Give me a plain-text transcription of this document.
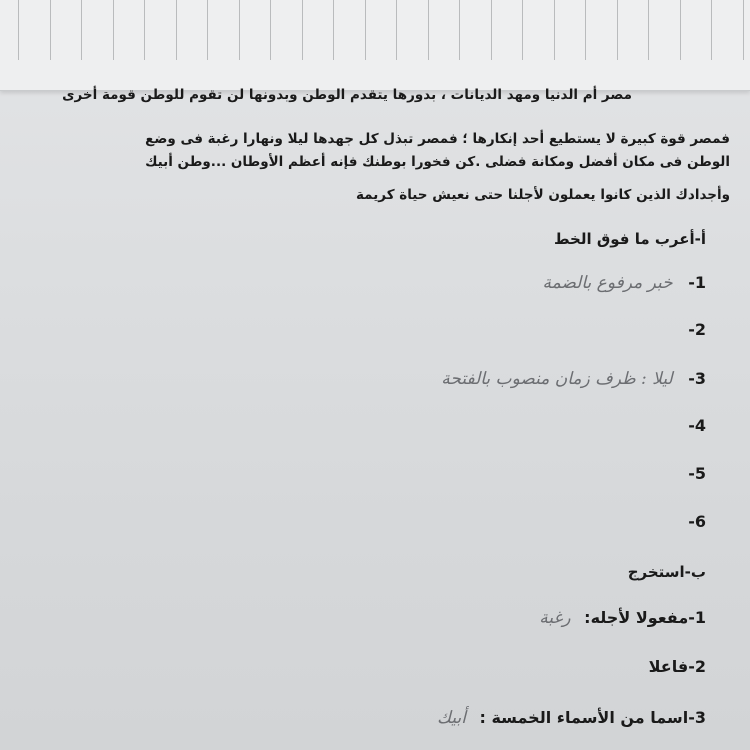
مصر أم الدنيا ومهد الديانات ، بدورها يتقدم الوطن وبدونها لن تقوم للوطن قومة أخرى
فمصر قوة كبيرة لا يستطيع أحد إنكارها ؛ فمصر تبذل كل جهدها ليلا ونهارا رغبة فى وضع
الوطن فى مكان أفضل ومكانة فضلى .كن فخورا بوطنك فإنه أعظم الأوطان ...وطن أبيك
وأجدادك الذين كانوا يعملون لأجلنا حتى نعيش حياة كريمة
أ-أعرب ما فوق الخط
1- خبر مرفوع بالضمة
2-
3- ليلا : ظرف زمان منصوب بالفتحة
4-
5-
6-
ب-استخرج
1-مفعولا لأجله: رغبة
2-فاعلا
3-اسما من الأسماء الخمسة : أبيك
